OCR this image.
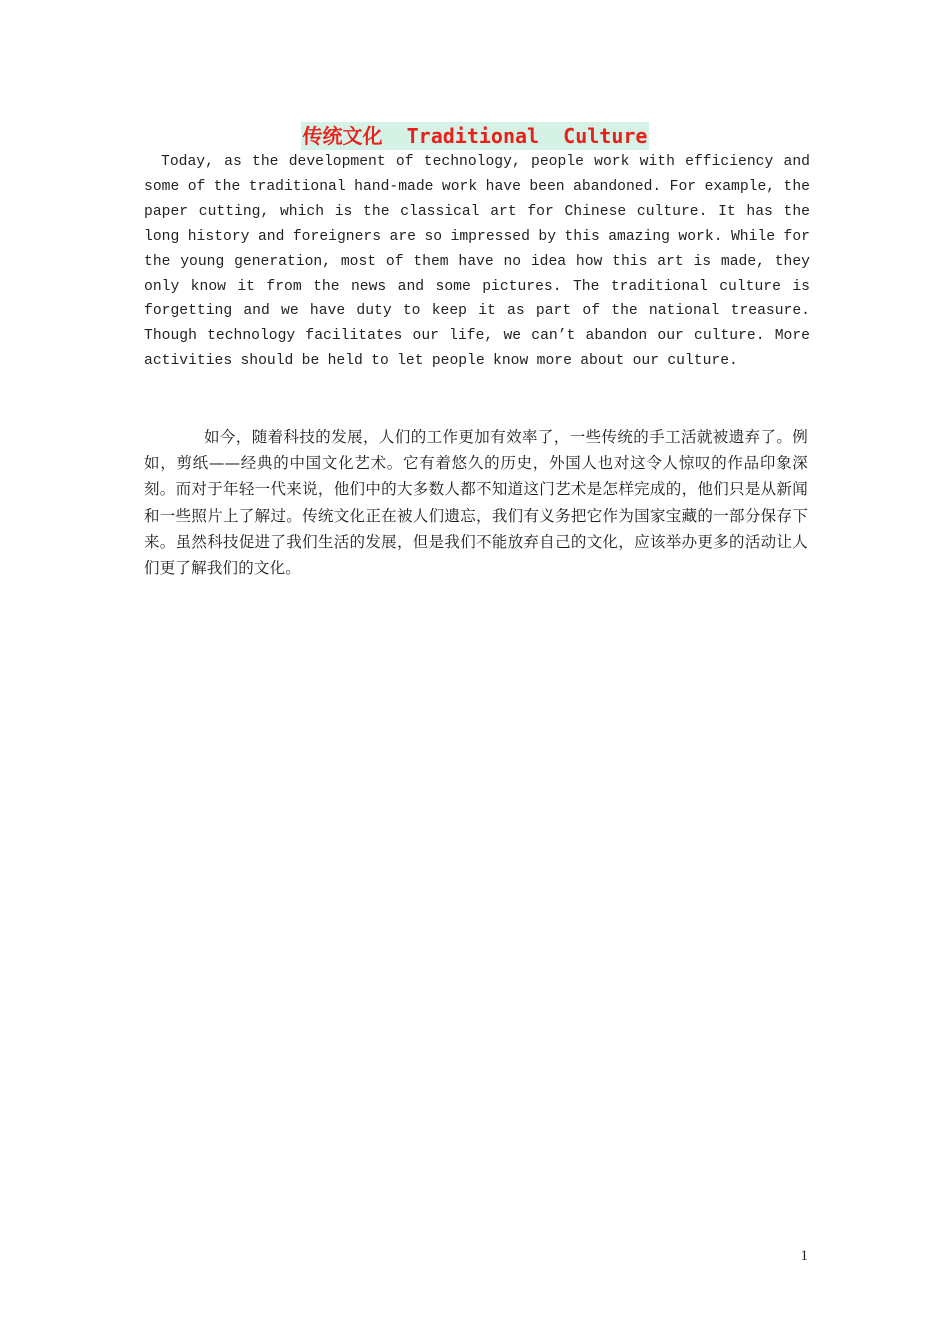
传统文化  Traditional  Culture

Today, as the development of technology, people work with efficiency and some of the traditional hand-made work have been abandoned. For example, the paper cutting, which is the classical art for Chinese culture. It has the long history and foreigners are so impressed by this amazing work. While for the young generation, most of them have no idea how this art is made, they only know it from the news and some pictures. The traditional culture is forgetting and we have duty to keep it as part of the national treasure. Though technology facilitates our life, we can’t abandon our culture. More activities should be held to let people know more about our culture.

如今，随着科技的发展，人们的工作更加有效率了，一些传统的手工活就被遗弃了。例如，剪纸——经典的中国文化艺术。它有着悠久的历史，外国人也对这令人惊叹的作品印象深刻。而对于年轻一代来说，他们中的大多数人都不知道这门艺术是怎样完成的，他们只是从新闻和一些照片上了解过。传统文化正在被人们遗忘，我们有义务把它作为国家宝藏的一部分保存下来。虽然科技促进了我们生活的发展，但是我们不能放弃自己的文化，应该举办更多的活动让人们更了解我们的文化。

1
